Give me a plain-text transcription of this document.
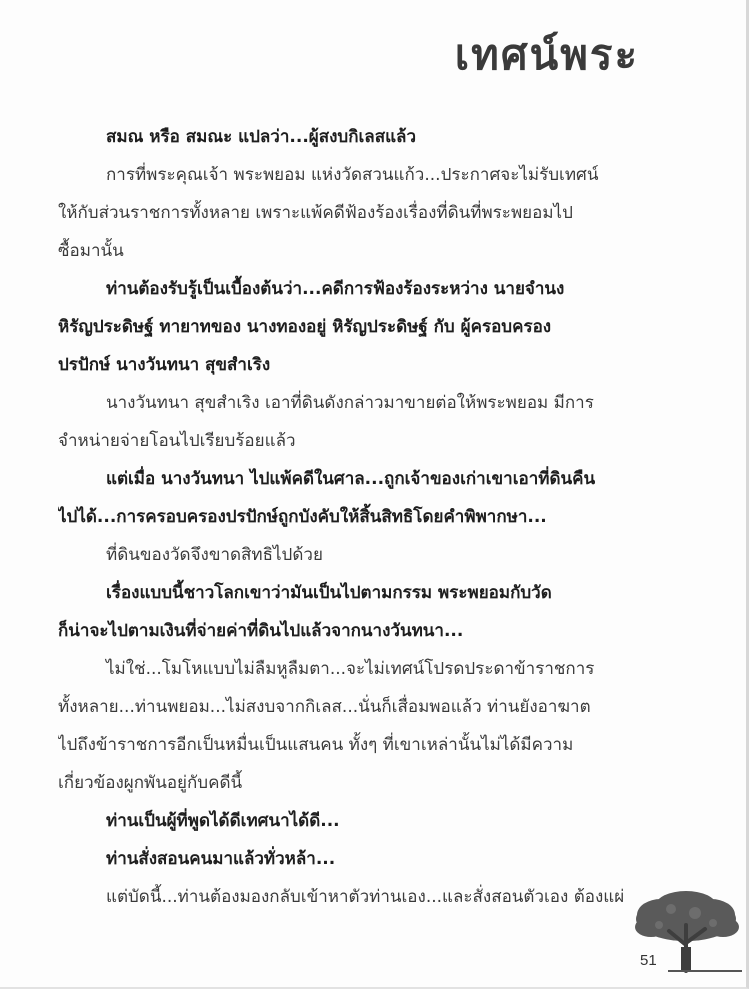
เทศน์พระ
สมณ หรือ สมณะ แปลว่า...ผู้สงบกิเลสแล้ว
การที่พระคุณเจ้า พระพยอม แห่งวัดสวนแก้ว...ประกาศจะไม่รับเทศน์
ให้กับส่วนราชการทั้งหลาย เพราะแพ้คดีฟ้องร้องเรื่องที่ดินที่พระพยอมไป
ซื้อมานั้น
ท่านต้องรับรู้เป็นเบื้องต้นว่า...คดีการฟ้องร้องระหว่าง นายจำนง
หิรัญประดิษฐ์ ทายาทของ นางทองอยู่ หิรัญประดิษฐ์ กับ ผู้ครอบครอง
ปรปักษ์ นางวันทนา สุขสำเริง
นางวันทนา สุขสำเริง เอาที่ดินดังกล่าวมาขายต่อให้พระพยอม มีการ
จำหน่ายจ่ายโอนไปเรียบร้อยแล้ว
แต่เมื่อ นางวันทนา ไปแพ้คดีในศาล...ถูกเจ้าของเก่าเขาเอาที่ดินคืน
ไปได้...การครอบครองปรปักษ์ถูกบังคับให้สิ้นสิทธิโดยคำพิพากษา...
ที่ดินของวัดจึงขาดสิทธิไปด้วย
เรื่องแบบนี้ชาวโลกเขาว่ามันเป็นไปตามกรรม พระพยอมกับวัด
ก็น่าจะไปตามเงินที่จ่ายค่าที่ดินไปแล้วจากนางวันทนา...
ไม่ใช่...โมโหแบบไม่ลืมหูลืมตา...จะไม่เทศน์โปรดประดาข้าราชการ
ทั้งหลาย...ท่านพยอม...ไม่สงบจากกิเลส...นั่นก็เสื่อมพอแล้ว ท่านยังอาฆาต
ไปถึงข้าราชการอีกเป็นหมื่นเป็นแสนคน ทั้งๆ ที่เขาเหล่านั้นไม่ได้มีความ
เกี่ยวข้องผูกพันอยู่กับคดีนี้
ท่านเป็นผู้ที่พูดได้ดีเทศนาได้ดี...
ท่านสั่งสอนคนมาแล้วทั่วหล้า...
แต่บัดนี้...ท่านต้องมองกลับเข้าหาตัวท่านเอง...และสั่งสอนตัวเอง ต้องแผ่
51
